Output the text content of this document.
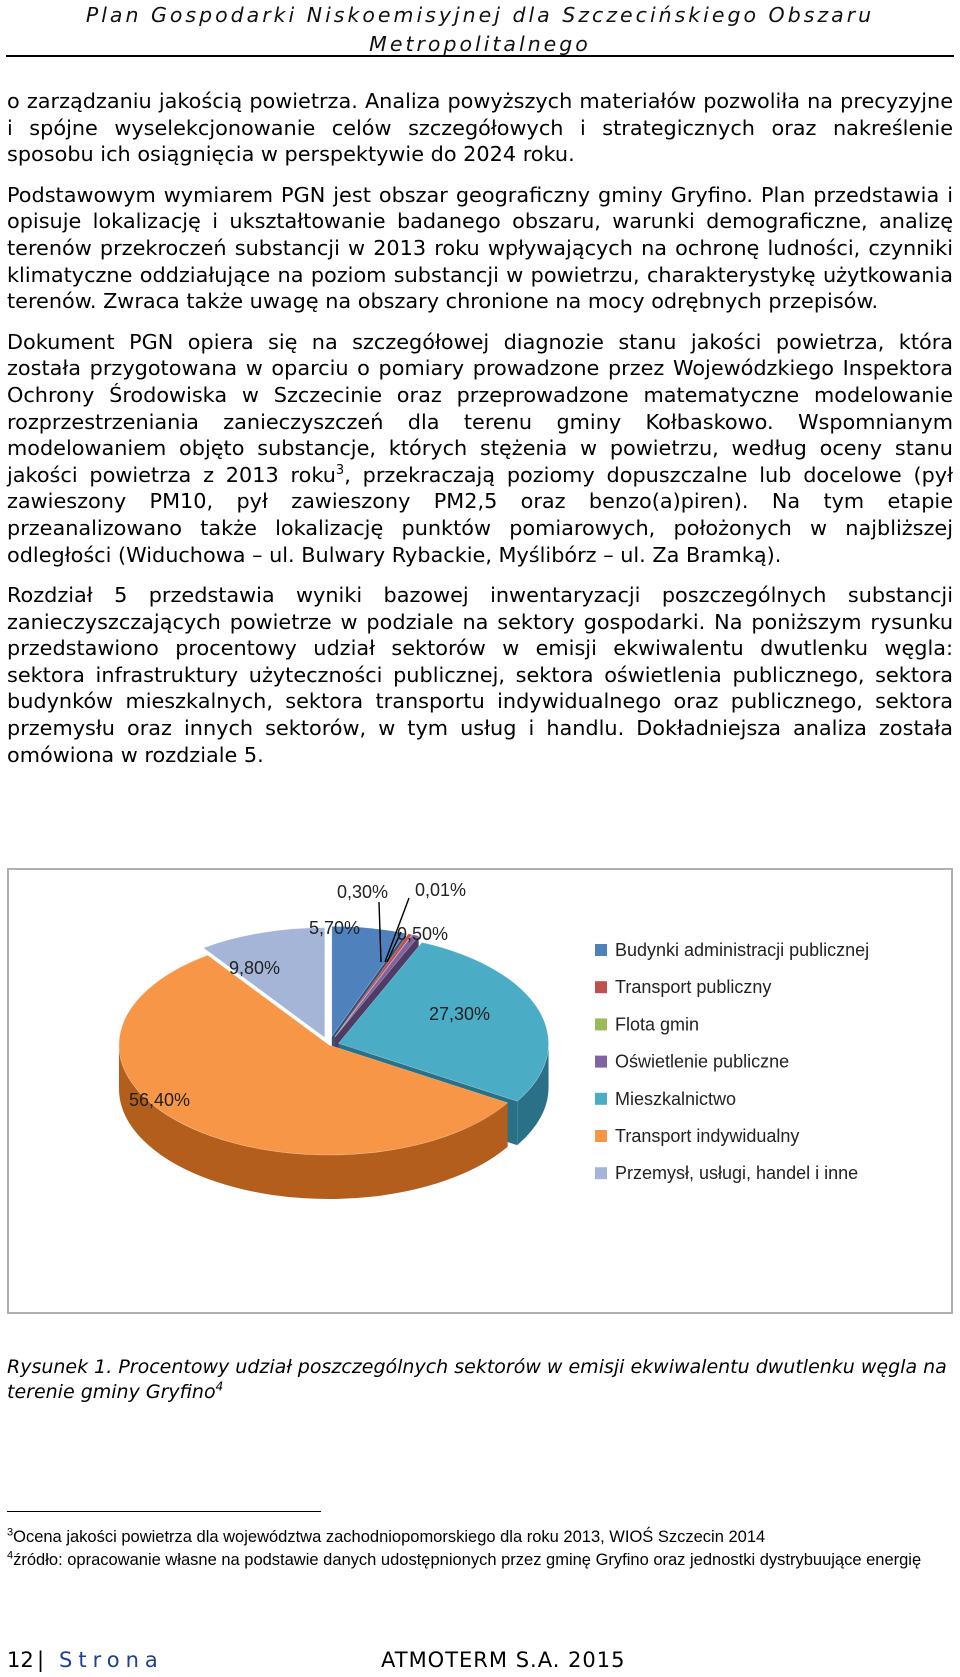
Plan Gospodarki Niskoemisyjnej dla Szczecińskiego Obszaru
Metropolitalnego

o zarządzaniu jakością powietrza. Analiza powyższych materiałów pozwoliła na precyzyjne i spójne wyselekcjonowanie celów szczegółowych i strategicznych oraz nakreślenie sposobu ich osiągnięcia w perspektywie do 2024 roku.

Podstawowym wymiarem PGN jest obszar geograficzny gminy Gryfino. Plan przedstawia i opisuje lokalizację i ukształtowanie badanego obszaru, warunki demograficzne, analizę terenów przekroczeń substancji w 2013 roku wpływających na ochronę ludności, czynniki klimatyczne oddziałujące na poziom substancji w powietrzu, charakterystykę użytkowania terenów. Zwraca także uwagę na obszary chronione na mocy odrębnych przepisów.

Dokument PGN opiera się na szczegółowej diagnozie stanu jakości powietrza, która została przygotowana w oparciu o pomiary prowadzone przez Wojewódzkiego Inspektora Ochrony Środowiska w Szczecinie oraz przeprowadzone matematyczne modelowanie rozprzestrzeniania zanieczyszczeń dla terenu gminy Kołbaskowo. Wspomnianym modelowaniem objęto substancje, których stężenia w powietrzu, według oceny stanu jakości powietrza z 2013 roku$^3$, przekraczają poziomy dopuszczalne lub docelowe (pył zawieszony PM10, pył zawieszony PM2,5 oraz benzo(a)piren). Na tym etapie przeanalizowano także lokalizację punktów pomiarowych, położonych w najbliższej odległości (Widuchowa – ul. Bulwary Rybackie, Myślibórz – ul. Za Bramką).

Rozdział 5 przedstawia wyniki bazowej inwentaryzacji poszczególnych substancji zanieczyszczających powietrze w podziale na sektory gospodarki. Na poniższym rysunku przedstawiono procentowy udział sektorów w emisji ekwiwalentu dwutlenku węgla: sektora infrastruktury użyteczności publicznej, sektora oświetlenia publicznego, sektora budynków mieszkalnych, sektora transportu indywidualnego oraz publicznego, sektora przemysłu oraz innych sektorów, w tym usług i handlu. Dokładniejsza analiza została omówiona w rozdziale 5.

5,70%
0,30% 0,01%
0,50%
27,30%
56,40%
9,80%
Budynki administracji publicznej
Transport publiczny
Flota gmin
Oświetlenie publiczne
Mieszkalnictwo
Transport indywidualny
Przemysł, usługi, handel i inne
Rysunek 1. Procentowy udział poszczególnych sektorów w emisji ekwiwalentu dwutlenku węgla na terenie gminy Gryfino$^4$

$^3$Ocena jakości powietrza dla województwa zachodniopomorskiego dla roku 2013, WIOŚ Szczecin 2014

$^4$źródło: opracowanie własne na podstawie danych udostępnionych przez gminę Gryfino oraz jednostki dystrybuujące energię

12 | Strona	ATMOTERM S.A. 2015
